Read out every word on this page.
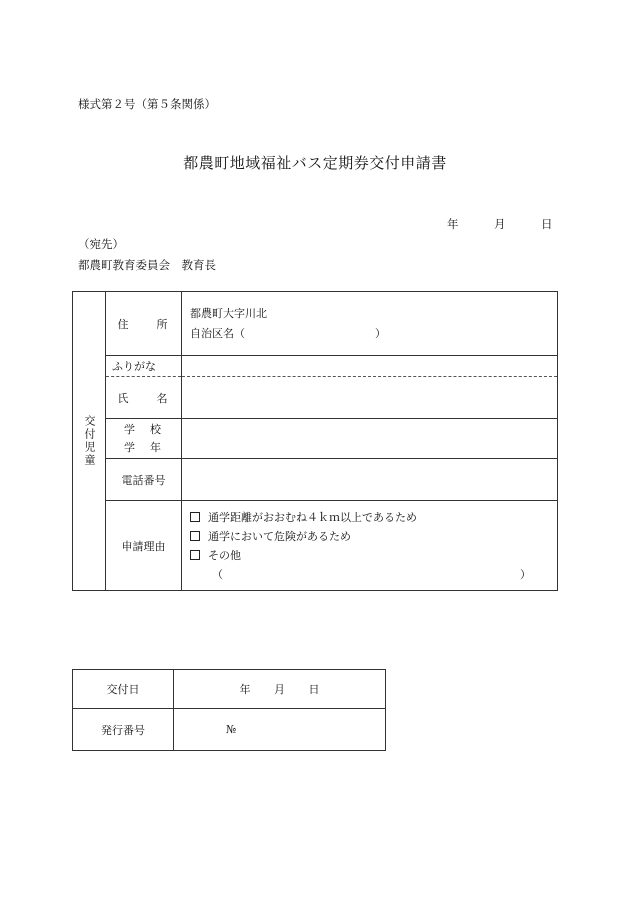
様式第２号（第５条関係）
都農町地域福祉バス定期券交付申請書
年	月	日
（宛先）
都農町教育委員会　教育長
交付児童	住　　所	都農町大字川北
自治区名（ ）

	ふりがな	
	氏　　名	

	学　校
学　年	

	電話番号	
	申請理由	通学距離がおおむね４ｋｍ以上であるため
通学において危険があるため
その他
（ ）
交付日	年 月 日
発行番号	№
